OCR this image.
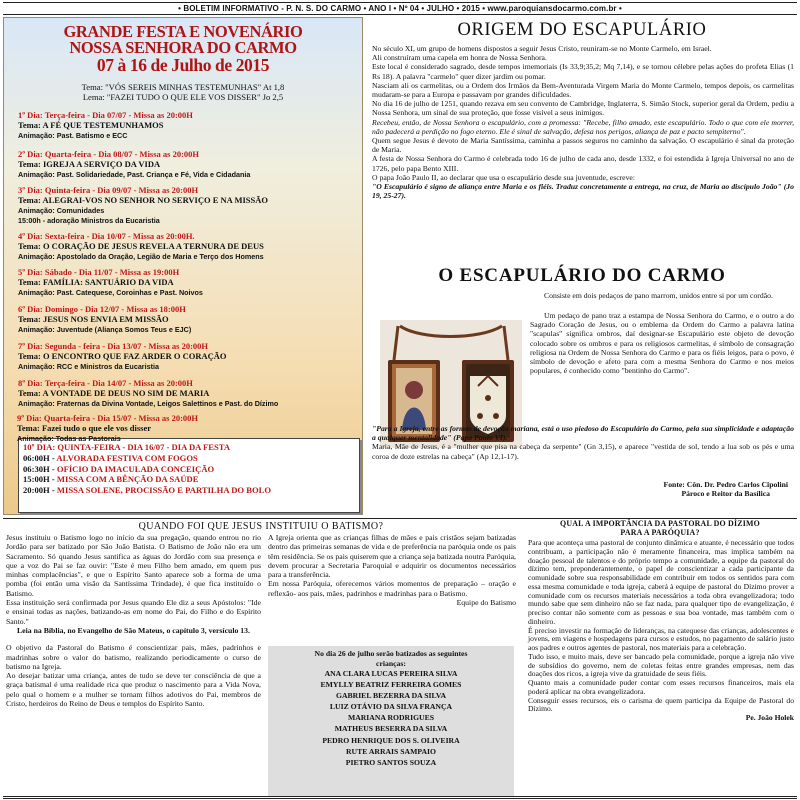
• BOLETIM INFORMATIVO - P. N. S. DO CARMO • ANO I • Nº 04 • JULHO • 2015 • www.paroquiansdocarmo.com.br •
GRANDE FESTA E NOVENÁRIO
NOSSA SENHORA DO CARMO
07 à 16 de Julho de 2015
Tema: "VÓS SEREIS MINHAS TESTEMUNHAS" At 1,8
Lema: "FAZEI TUDO O QUE ELE VOS DISSER" Jo 2,5
1º Dia: Terça-feira - Dia 07/07 - Missa as 20:00H
Tema: A FÉ QUE TESTEMUNHAMOS
Animação: Past. Batismo e ECC
2º Dia: Quarta-feira - Dia 08/07 - Missa as 20:00H
Tema: IGREJA A SERVIÇO DA VIDA
Animação: Past. Solidariedade, Past. Criança e Fé, Vida e Cidadania
3º Dia: Quinta-feira - Dia 09/07 - Missa as 20:00H
Tema: ALEGRAI-VOS NO SENHOR NO SERVIÇO E NA MISSÃO
Animação: Comunidades
15:00h - adoração Ministros da Eucaristia
4º Dia: Sexta-feira - Dia 10/07 - Missa as 20:00H.
Tema: O CORAÇÃO DE JESUS REVELA A TERNURA DE DEUS
Animação: Apostolado da Oração, Legião de Maria e Terço dos Homens
5º Dia: Sábado - Dia 11/07 - Missa as 19:00H
Tema: FAMÍLIA: SANTUÁRIO DA VIDA
Animação: Past. Catequese, Coroinhas e Past. Noivos
6º Dia: Domingo - Dia 12/07 - Missa as 18:00H
Tema: JESUS NOS ENVIA EM MISSÃO
Animação: Juventude (Aliança Somos Teus e EJC)
7º Dia: Segunda - feira - Dia 13/07 - Missa as 20:00H
Tema: O ENCONTRO QUE FAZ ARDER O CORAÇÃO
Animação: RCC e Ministros da Eucaristia
8º Dia: Terça-feira - Dia 14/07 - Missa as 20:00H
Tema: A VONTADE DE DEUS NO SIM DE MARIA
Animação: Fraternas da Divina Vontade, Leigos Salettinos e Past. do Dízimo
10º DIA: QUINTA-FEIRA - DIA 16/07 - DIA DA FESTA
06:00H - ALVORADA FESTIVA COM FOGOS
06:30H - OFÍCIO DA IMACULADA CONCEIÇÃO
15:00H - MISSA COM A BÊNÇÃO DA SAÚDE
20:00H - MISSA SOLENE, PROCISSÃO E PARTILHA DO BOLO
9º Dia: Quarta-feira - Dia 15/07 - Missa as 20:00H
Tema: Fazei tudo o que ele vos disser
Animação: Todas as Pastorais
ORIGEM DO ESCAPULÁRIO

No século XI, um grupo de homens dispostos a seguir Jesus Cristo, reuniram-se no Monte Carmelo, em Israel.

Ali construíram uma capela em honra de Nossa Senhora.

Este local é considerado sagrado, desde tempos imemoriais (Is 33,9;35,2; Mq 7,14), e se tornou célebre pelas ações do profeta Elias (1 Rs 18). A palavra "carmelo" quer dizer jardim ou pomar.

Nasciam ali os carmelitas, ou a Ordem dos Irmãos da Bem-Aventurada Virgem Maria do Monte Carmelo, tempos depois, os carmelitas mudaram-se para a Europa e passavam por grandes dificuldades.

No dia 16 de julho de 1251, quando rezava em seu convento de Cambridge, Inglaterra, S. Simão Stock, superior geral da Ordem, pediu a Nossa Senhora, um sinal de sua proteção, que fosse visível a seus inimigos.

Recebeu, então, de Nossa Senhora o escapulário, com a promessa: "Recebe, filho amado, este escapulário. Todo o que com ele morrer, não padecerá a perdição no fogo eterno. Ele é sinal de salvação, defesa nos perigos, aliança de paz e pacto sempiterno".

Quem segue Jesus é devoto de Maria Santíssima, caminha a passos seguros no caminho da salvação. O escapulário é sinal da proteção de Maria.

A festa de Nossa Senhora do Carmo é celebrada todo 16 de julho de cada ano, desde 1332, e foi estendida à Igreja Universal no ano de 1726, pelo papa Bento XIII.

O papa João Paulo II, ao declarar que usa o escapulário desde sua juventude, escreve:

"O Escapulário é signo de aliança entre Maria e os fiéis. Traduz concretamente a entrega, na cruz, de Maria ao discípulo João" (Jo 19, 25-27).

O ESCAPULÁRIO DO CARMO

Consiste em dois pedaços de pano marrom, unidos entre si por um cordão.

Um pedaço de pano traz a estampa de Nossa Senhora do Carmo, e o outro a do Sagrado Coração de Jesus, ou o emblema da Ordem do Carmo a palavra latina "scapulas" significa ombros, daí designar-se Escapulário este objeto de devoção colocado sobre os ombros e para os religiosos carmelitas, é símbolo de consagração religiosa na Ordem de Nossa Senhora do Carmo e para os fiéis leigos, para o povo, é símbolo de devoção e afeto para com a mesma Senhora do Carmo e nos meios populares, é conhecido como "bentinho do Carmo".

"Para a Igreja, entre as formas de devoção mariana, está o uso piedoso do Escapulário do Carmo, pela sua simplicidade e adaptação a qualquer mentalidade" (Papa Paulo VI).

Maria, Mãe de Jesus, é a "mulher que pisa na cabeça da serpente" (Gn 3,15), e aparece "vestida de sol, tendo a lua sob os pés e uma coroa de doze estrelas na cabeça" (Ap 12,1-17).

Fonte: Côn. Dr. Pedro Carlos Cipolini
Pároco e Reitor da Basílica
QUANDO FOI QUE JESUS INSTITUIU O BATISMO?

Jesus instituiu o Batismo logo no início da sua pregação, quando entrou no rio Jordão para ser batizado por São João Batista. O Batismo de João não era um Sacramento. Só quando Jesus santifica as águas do Jordão com sua presença e que a voz do Pai se faz ouvir: "Este é meu Filho bem amado, em quem pus minhas complacências", e que o Espírito Santo aparece sob a forma de uma pomba (foi então uma visão da Santíssima Trindade), é que fica instituído o Batismo.

Essa instituição será confirmada por Jesus quando Ele diz a seus Apóstolos: "Ide e ensinai todas as nações, batizando-as em nome do Pai, do Filho e do Espírito Santo."

Leia na Bíblia, no Evangelho de São Mateus, o capítulo 3, versículo 13.

O objetivo da Pastoral do Batismo é conscientizar pais, mães, padrinhos e madrinhas sobre o valor do batismo, realizando periodicamente o curso de batismo na Igreja.

Ao desejar batizar uma criança, antes de tudo se deve ter consciência de que a graça batismal é uma realidade rica que produz o nascimento para a Vida Nova, pelo qual o homem e a mulher se tornam filhos adotivos do Pai, membros de Cristo, herdeiros do Reino de Deus e templos do Espírito Santo.

A Igreja orienta que as crianças filhas de mães e pais cristãos sejam batizadas dentro das primeiras semanas de vida e de preferência na paróquia onde os pais têm residência. Se os pais quiserem que a criança seja batizada noutra Paróquia, devem procurar a Secretaria Paroquial e adquirir os documentos necessários para a transferência.

Em nossa Paróquia, oferecemos vários momentos de preparação – oração e reflexão- aos pais, mães, padrinhos e madrinhas para o Batismo.

Equipe do Batismo

No dia 26 de julho serão batizados as seguintes crianças:
ANA CLARA LUCAS PEREIRA SILVA
EMYLLY BEATRIZ FERREIRA GOMES
GABRIEL BEZERRA DA SILVA
LUIZ OTÁVIO DA SILVA FRANÇA
MARIANA RODRIGUES
MATHEUS BESERRA DA SILVA
PEDRO HENRIQUE DOS S. OLIVEIRA
RUTE ARRAIS SAMPAIO
PIETRO SANTOS SOUZA
QUAL A IMPORTÂNCIA DA PASTORAL DO DÍZIMO PARA A PARÓQUIA?

Para que aconteça uma pastoral de conjunto dinâmica e atuante, é necessário que todos contribuam, a participação não é meramente financeira, mas implica também na doação pessoal de talentos e do próprio tempo a comunidade, a equipe da pastoral do dízimo tem, preponderantemente, o papel de conscientizar a cada participante da comunidade sobre sua responsabilidade em contribuir em todos os sentidos para com essa mesma comunidade e toda igreja, caberá à equipe de pastoral do Dízimo prover a comunidade com os recursos materiais necessários a toda obra evangelizadora; todo mundo sabe que sem dinheiro não se faz nada, para qualquer tipo de evangelização, é preciso contar não somente com as pessoas e sua boa vontade, mas também com o dinheiro.

É preciso investir na formação de lideranças, na catequese das crianças, adolescentes e jovens, em viagens e hospedagens para cursos e estudos, no pagamento de salário justo aos padres e outros agentes de pastoral, nos materiais para a celebração.

Tudo isso, e muito mais, deve ser bancado pela comunidade, porque a igreja não vive de subsídios do governo, nem de coletas feitas entre grandes empresas, nem das doações dos ricos, a igreja vive da gratuidade de seus fiéis.

Quanto mais a comunidade puder contar com esses recursos financeiros, mais ela poderá aplicar na obra evangelizadora.

Conseguir esses recursos, eis o carisma de quem participa da Equipe de Pastoral do Dízimo.

Pe. João Holek
